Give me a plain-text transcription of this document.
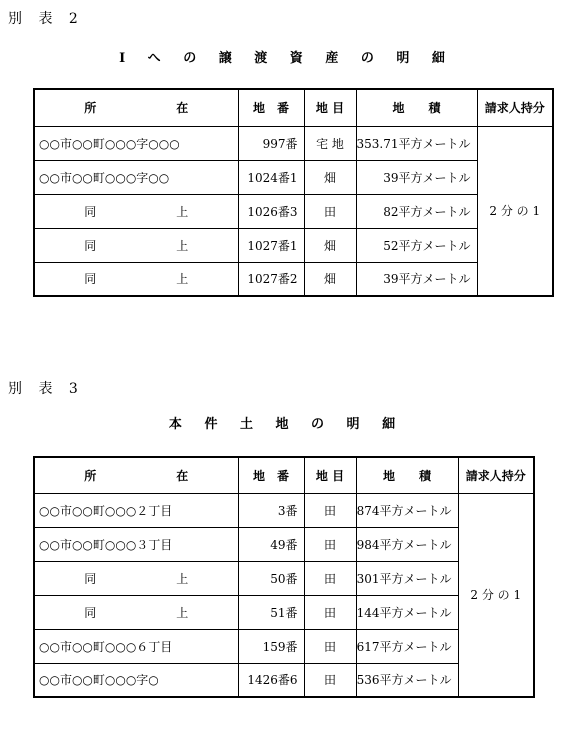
別 表 2
Ⅰ へ の 譲 渡 資 産 の 明 細
所 在	地　番	地 目	地　　積	請求人持分
○○市○○町○○○字○○○	997番	宅 地	353.71平方メートル	2 分 の 1
○○市○○町○○○字○○	1024番1	畑	39平方メートル	
同 上	1026番3	田	82平方メートル	
同 上	1027番1	畑	52平方メートル	
同 上	1027番2	畑	39平方メートル	
別 表 3
本 件 土 地 の 明 細
所 在	地　番	地 目	地　　積	請求人持分
○○市○○町○○○２丁目	3番	田	874平方メートル	2 分 の 1
○○市○○町○○○３丁目	49番	田	984平方メートル	
同 上	50番	田	301平方メートル	
同 上	51番	田	144平方メートル	
○○市○○町○○○６丁目	159番	田	617平方メートル	
○○市○○町○○○字○	1426番6	田	536平方メートル	
